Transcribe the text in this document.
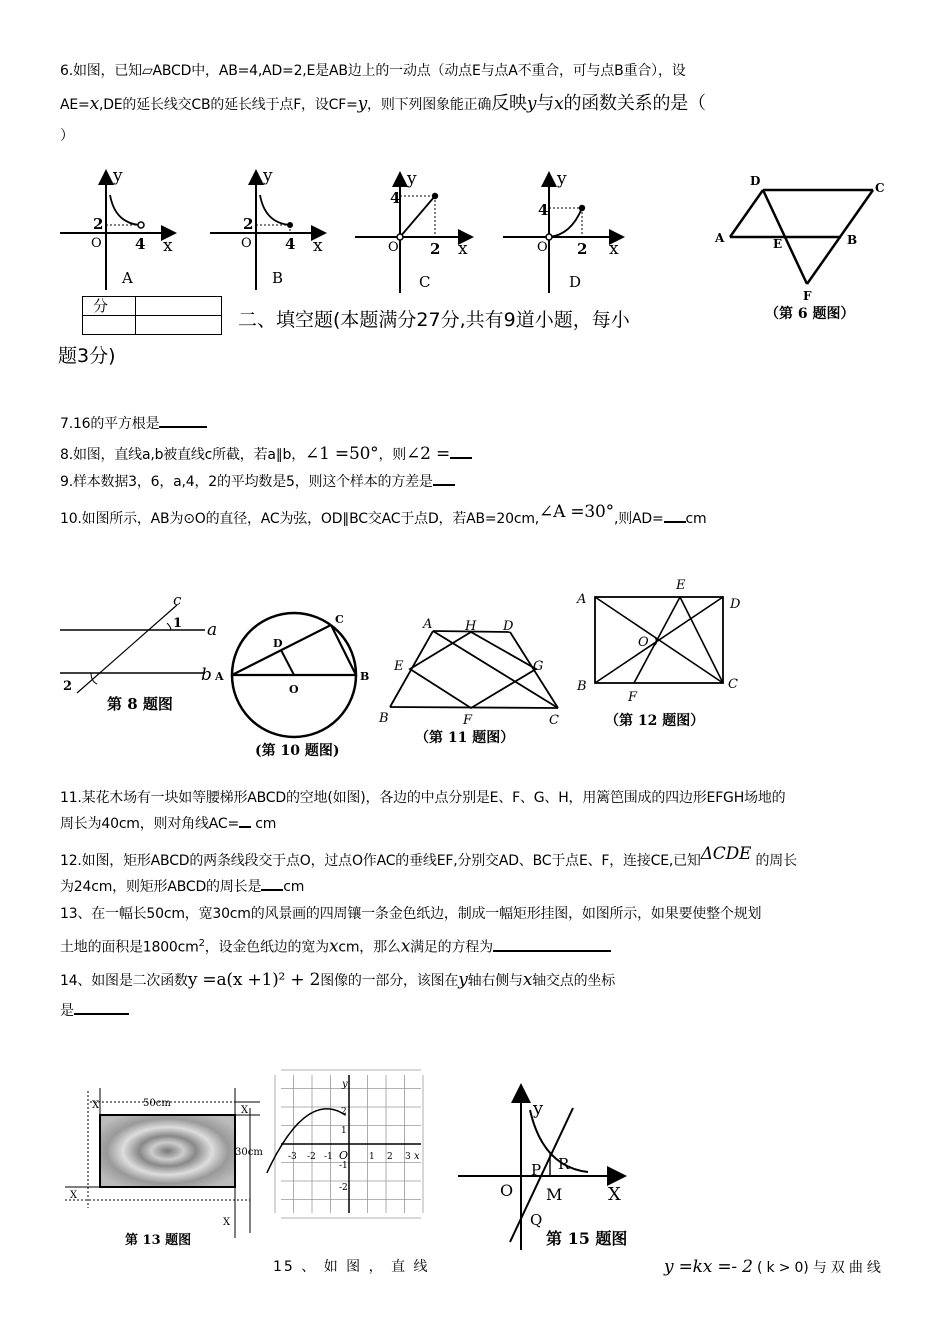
6.如图，已知▱ABCD中，AB=4,AD=2,E是AB边上的一动点（动点E与点A不重合，可与点B重合），设
AE=x,DE的延长线交CB的延长线于点F，设CF=y，则下列图象能正确反映y与x的函数关系的是（
）
2
O 4 x
y
A
2
O 4 x
y
B
4
O 2 x
y
C
4
O 2 x
y
D
D	C
A	E	B
F
（第 6 题图）
分	

二、填空题(本题满分27分,共有9道小题，每小
题3分)
7.16的平方根是
8.如图，直线a,b被直线c所截，若a∥b，∠1 =50°，则∠2 =
9.样本数据3，6，a,4，2的平均数是5，则这个样本的方差是
10.如图所示，AB为⊙O的直径，AC为弦，OD∥BC交AC于点D，若AB=20cm,∠A =30°,则AD= cm
c
1 a
b
2
第 8 题图
C
D
A	B
O
(第 10 题图)
A	H D
E	G
B	F	C
（第 11 题图）
A
E
D
O
B
F
C
（第 12 题图）
11.某花木场有一块如等腰梯形ABCD的空地(如图)，各边的中点分别是E、F、G、H，用篱笆围成的四边形EFGH场地的
周长为40cm，则对角线AC= cm
12.如图，矩形ABCD的两条线段交于点O，过点O作AC的垂线EF,分别交AD、BC于点E、F，连接CE,已知ΔCDE 的周长
为24cm，则矩形ABCD的周长是 cm
13、在一幅长50cm，宽30cm的风景画的四周镶一条金色纸边，制成一幅矩形挂图，如图所示，如果要使整个规划
土地的面积是$1800cm^2$，设金色纸边的宽为xcm，那么x满足的方程为
14、如图是二次函数y =a(x +1)² + 2图像的一部分，该图在y轴右侧与x轴交点的坐标
是
X	50cm
X
30cm
X
X
第 13 题图
-3 -2 -1	1 2 3
2
1
-1
-2
O	x
y
y
R
P
O M	X
Q
第 15 题图
15 、 如 图 ， 直 线	y =kx =- 2 ( k > 0) 与 双 曲 线
